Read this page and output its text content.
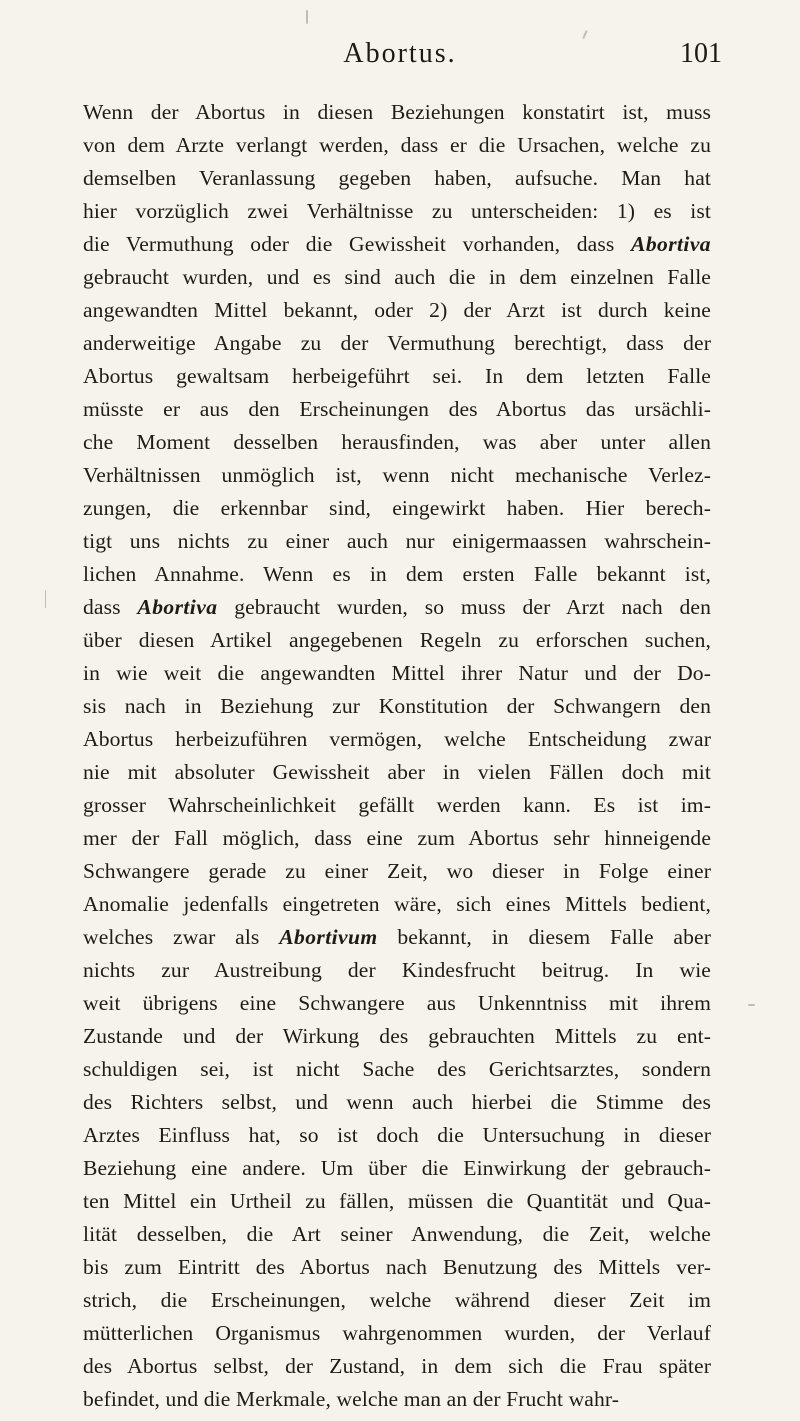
Abortus.	101
Wenn der Abortus in diesen Beziehungen konstatirt ist, muss
von dem Arzte verlangt werden, dass er die Ursachen, welche zu
demselben Veranlassung gegeben haben, aufsuche. Man hat
hier vorzüglich zwei Verhältnisse zu unterscheiden: 1) es ist
die Vermuthung oder die Gewissheit vorhanden, dass Abortiva
gebraucht wurden, und es sind auch die in dem einzelnen Falle
angewandten Mittel bekannt, oder 2) der Arzt ist durch keine
anderweitige Angabe zu der Vermuthung berechtigt, dass der
Abortus gewaltsam herbeigeführt sei. In dem letzten Falle
müsste er aus den Erscheinungen des Abortus das ursächli-
che Moment desselben herausfinden, was aber unter allen
Verhältnissen unmöglich ist, wenn nicht mechanische Verlez-
zungen, die erkennbar sind, eingewirkt haben. Hier berech-
tigt uns nichts zu einer auch nur einigermaassen wahrschein-
lichen Annahme. Wenn es in dem ersten Falle bekannt ist,
dass Abortiva gebraucht wurden, so muss der Arzt nach den
über diesen Artikel angegebenen Regeln zu erforschen suchen,
in wie weit die angewandten Mittel ihrer Natur und der Do-
sis nach in Beziehung zur Konstitution der Schwangern den
Abortus herbeizuführen vermögen, welche Entscheidung zwar
nie mit absoluter Gewissheit aber in vielen Fällen doch mit
grosser Wahrscheinlichkeit gefällt werden kann. Es ist im-
mer der Fall möglich, dass eine zum Abortus sehr hinneigende
Schwangere gerade zu einer Zeit, wo dieser in Folge einer
Anomalie jedenfalls eingetreten wäre, sich eines Mittels bedient,
welches zwar als Abortivum bekannt, in diesem Falle aber
nichts zur Austreibung der Kindesfrucht beitrug. In wie
weit übrigens eine Schwangere aus Unkenntniss mit ihrem
Zustande und der Wirkung des gebrauchten Mittels zu ent-
schuldigen sei, ist nicht Sache des Gerichtsarztes, sondern
des Richters selbst, und wenn auch hierbei die Stimme des
Arztes Einfluss hat, so ist doch die Untersuchung in dieser
Beziehung eine andere. Um über die Einwirkung der gebrauch-
ten Mittel ein Urtheil zu fällen, müssen die Quantität und Qua-
lität desselben, die Art seiner Anwendung, die Zeit, welche
bis zum Eintritt des Abortus nach Benutzung des Mittels ver-
strich, die Erscheinungen, welche während dieser Zeit im
mütterlichen Organismus wahrgenommen wurden, der Verlauf
des Abortus selbst, der Zustand, in dem sich die Frau später
befindet, und die Merkmale, welche man an der Frucht wahr-
